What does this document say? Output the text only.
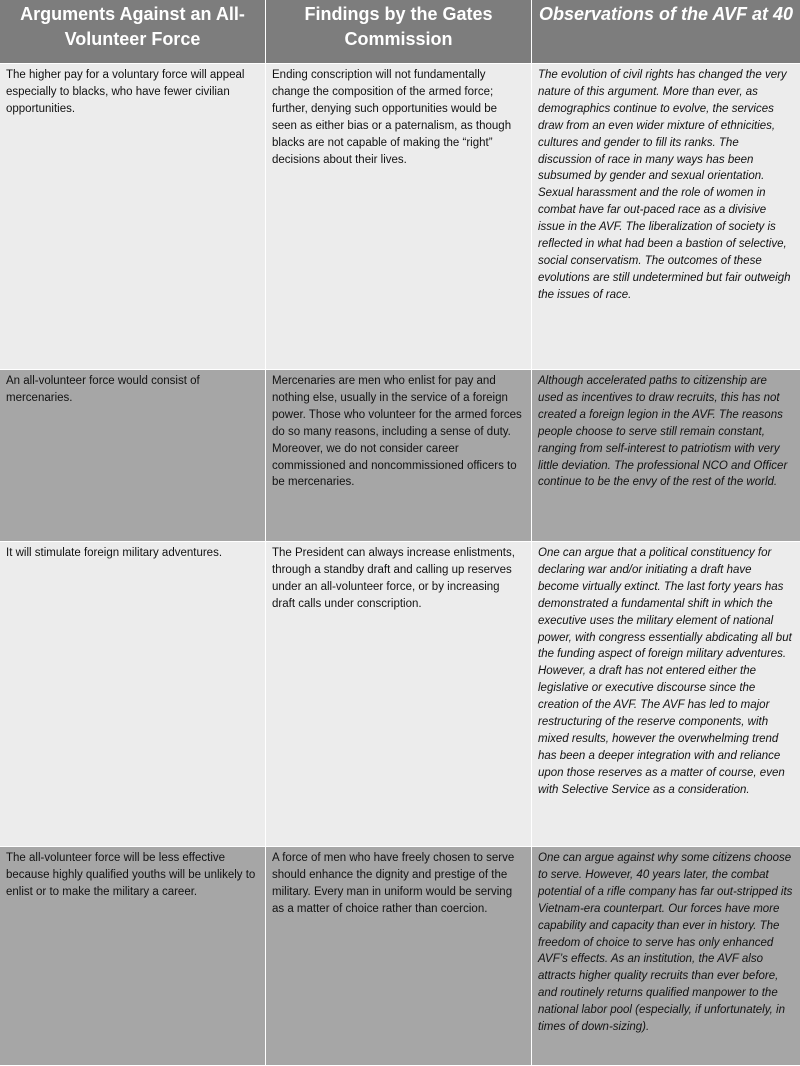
Arguments Against an All-Volunteer Force
Findings by the Gates Commission
Observations of the AVF at 40
The higher pay for a voluntary force will appeal especially to blacks, who have fewer civilian opportunities.
Ending conscription will not fundamentally change the composition of the armed force; further, denying such opportunities would be seen as either bias or a paternalism, as though blacks are not capable of making the “right” decisions about their lives.
The evolution of civil rights has changed the very nature of this argument. More than ever, as demographics continue to evolve, the services draw from an even wider mixture of ethnicities, cultures and gender to fill its ranks. The discussion of race in many ways has been subsumed by gender and sexual orientation. Sexual harassment and the role of women in combat have far out-paced race as a divisive issue in the AVF. The liberalization of society is reflected in what had been a bastion of selective, social conservatism. The outcomes of these evolutions are still undetermined but fair outweigh the issues of race.
An all-volunteer force would consist of mercenaries.
Mercenaries are men who enlist for pay and nothing else, usually in the service of a foreign power. Those who volunteer for the armed forces do so many reasons, including a sense of duty. Moreover, we do not consider career commissioned and noncommissioned officers to be mercenaries.
Although accelerated paths to citizenship are used as incentives to draw recruits, this has not created a foreign legion in the AVF. The reasons people choose to serve still remain constant, ranging from self-interest to patriotism with very little deviation. The professional NCO and Officer continue to be the envy of the rest of the world.
It will stimulate foreign military adventures.	The President can always increase enlistments, through a standby draft and calling up reserves under an all-volunteer force, or by increasing draft calls under conscription.
One can argue that a political constituency for declaring war and/or initiating a draft have become virtually extinct. The last forty years has demonstrated a fundamental shift in which the executive uses the military element of national power, with congress essentially abdicating all but the funding aspect of foreign military adventures. However, a draft has not entered either the legislative or executive discourse since the creation of the AVF. The AVF has led to major restructuring of the reserve components, with mixed results, however the overwhelming trend has been a deeper integration with and reliance upon those reserves as a matter of course, even with Selective Service as a consideration.
The all-volunteer force will be less effective because highly qualified youths will be unlikely to enlist or to make the military a career.
A force of men who have freely chosen to serve should enhance the dignity and prestige of the military. Every man in uniform would be serving as a matter of choice rather than coercion.
One can argue against why some citizens choose to serve. However, 40 years later, the combat potential of a rifle company has far out-stripped its Vietnam-era counterpart. Our forces have more capability and capacity than ever in history. The freedom of choice to serve has only enhanced AVF’s effects. As an institution, the AVF also attracts higher quality recruits than ever before, and routinely returns qualified manpower to the national labor pool (especially, if unfortunately, in times of down-sizing).
